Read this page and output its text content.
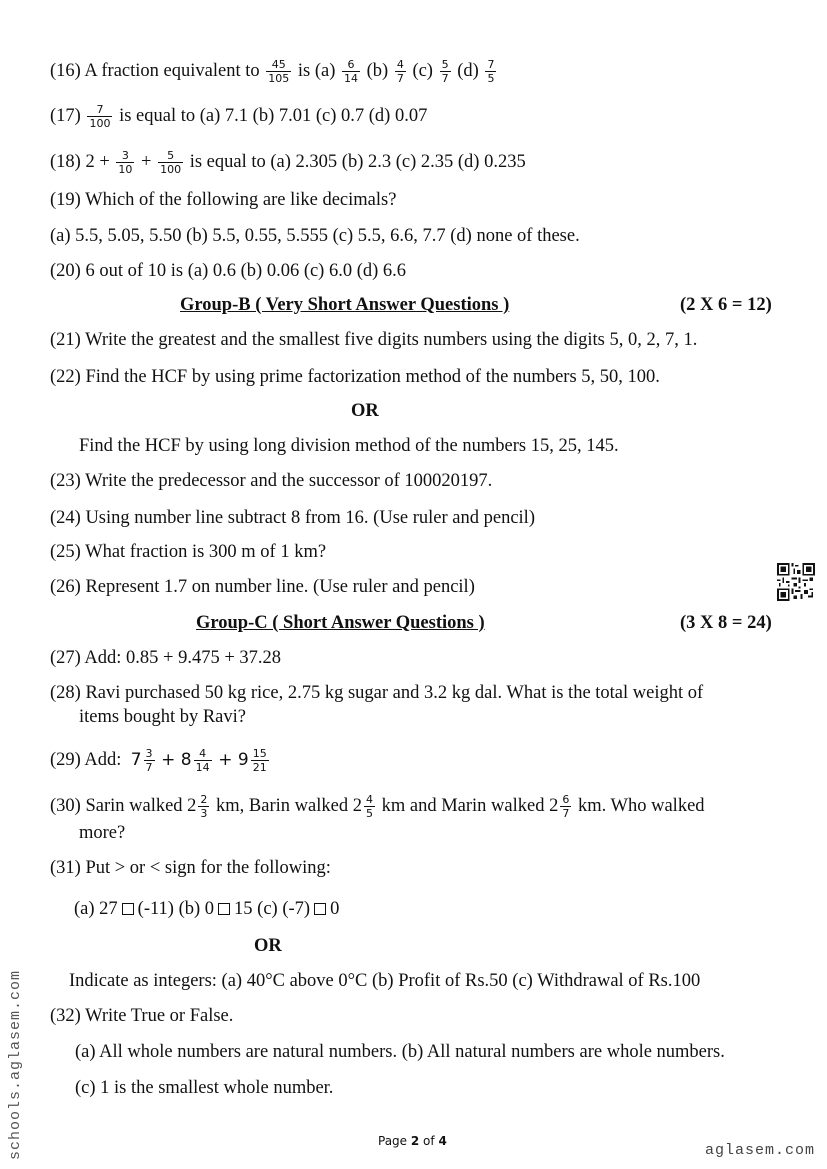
(16) A fraction equivalent to $\frac{45}{105}$ is $(a) \frac{6}{14} (b) \frac{4}{7} (c) \frac{5}{7} (d) \frac{7}{5}$
$(17) \frac{7}{100}$ is equal to (a) 7.1 (b) 7.01 (c) 0.7 (d) 0.07
(18) $2 + \frac{3}{10} + \frac{5}{100}$ is equal to (a) 2.305 (b) 2.3 (c) 2.35 (d) 0.235
(19) Which of the following are like decimals?
(a) 5.5, 5.05, 5.50 (b) 5.5, 0.55, 5.555 (c) 5.5, 6.6, 7.7 (d) none of these.
(20) 6 out of 10 is (a) 0.6 (b) 0.06 (c) 6.0 (d) 6.6
Group-B ( Very Short Answer Questions )	(2 X 6 = 12)
(21) Write the greatest and the smallest five digits numbers using the digits 5, 0, 2, 7, 1.
(22) Find the HCF by using prime factorization method of the numbers 5, 50, 100.
OR
Find the HCF by using long division method of the numbers 15, 25, 145.
(23) Write the predecessor and the successor of 100020197.
(24) Using number line subtract 8 from 16. (Use ruler and pencil)
(25) What fraction is 300 m of 1 km?
(26) Represent 1.7 on number line. (Use ruler and pencil)
Group-C ( Short Answer Questions )	(3 X 8 = 24)
(27) Add: 0.85 + 9.475 + 37.28
(28) Ravi purchased 50 kg rice, 2.75 kg sugar and 3.2 kg dal. What is the total weight of
items bought by Ravi?
(29) Add: $7 \frac{3}{7} + 8 \frac{4}{14} + 9 \frac{15}{21}$
(30) Sarin walked $2 \frac{2}{3}$ km, Barin walked $2 \frac{4}{5}$ km and Marin walked $2 \frac{6}{7}$ km. Who walked
more?
(31) Put > or < sign for the following:
(a) 27 (-11) (b) 0 15 (c) (-7) 0
OR
Indicate as integers: (a) 40°C above 0°C (b) Profit of Rs.50 (c) Withdrawal of Rs.100
(32) Write True or False.
(a) All whole numbers are natural numbers. (b) All natural numbers are whole numbers.
(c) 1 is the smallest whole number.
Page 2 of 4
schools.aglasem.com	aglasem.com
